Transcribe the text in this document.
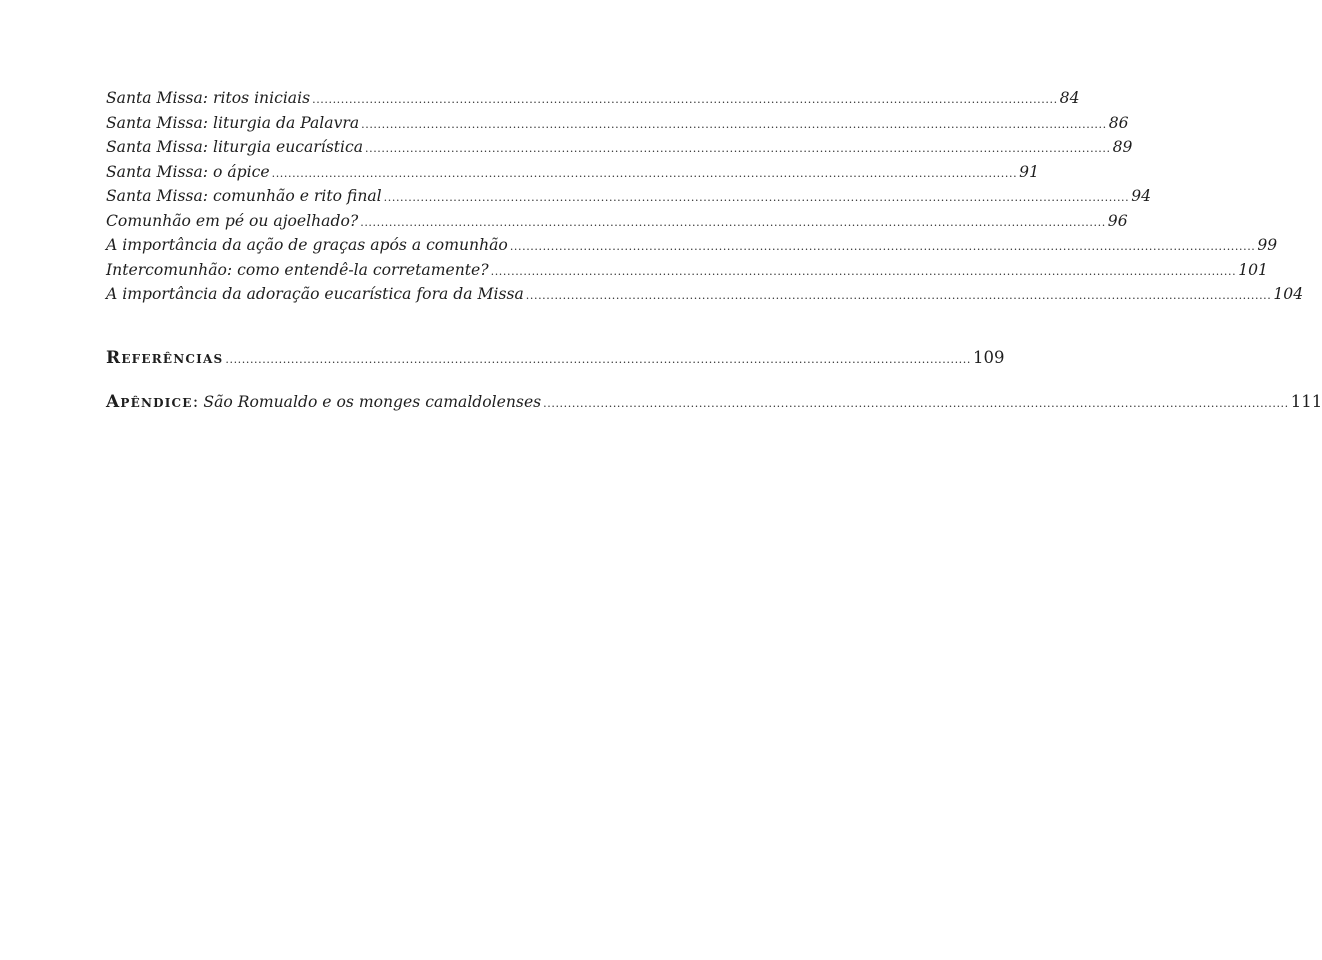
Santa Missa: ritos iniciais .....	84
Santa Missa: liturgia da Palavra .....	86
Santa Missa: liturgia eucarística .....	89
Santa Missa: o ápice .....	91
Santa Missa: comunhão e rito final .....	94
Comunhão em pé ou ajoelhado? .....	96
A importância da ação de graças após a comunhão .....	99
Intercomunhão: como entendê-la corretamente? .....	101
A importância da adoração eucarística fora da Missa .....	104
Referências .....	109
Apêndice : São Romualdo e os monges camaldolenses .....	111
